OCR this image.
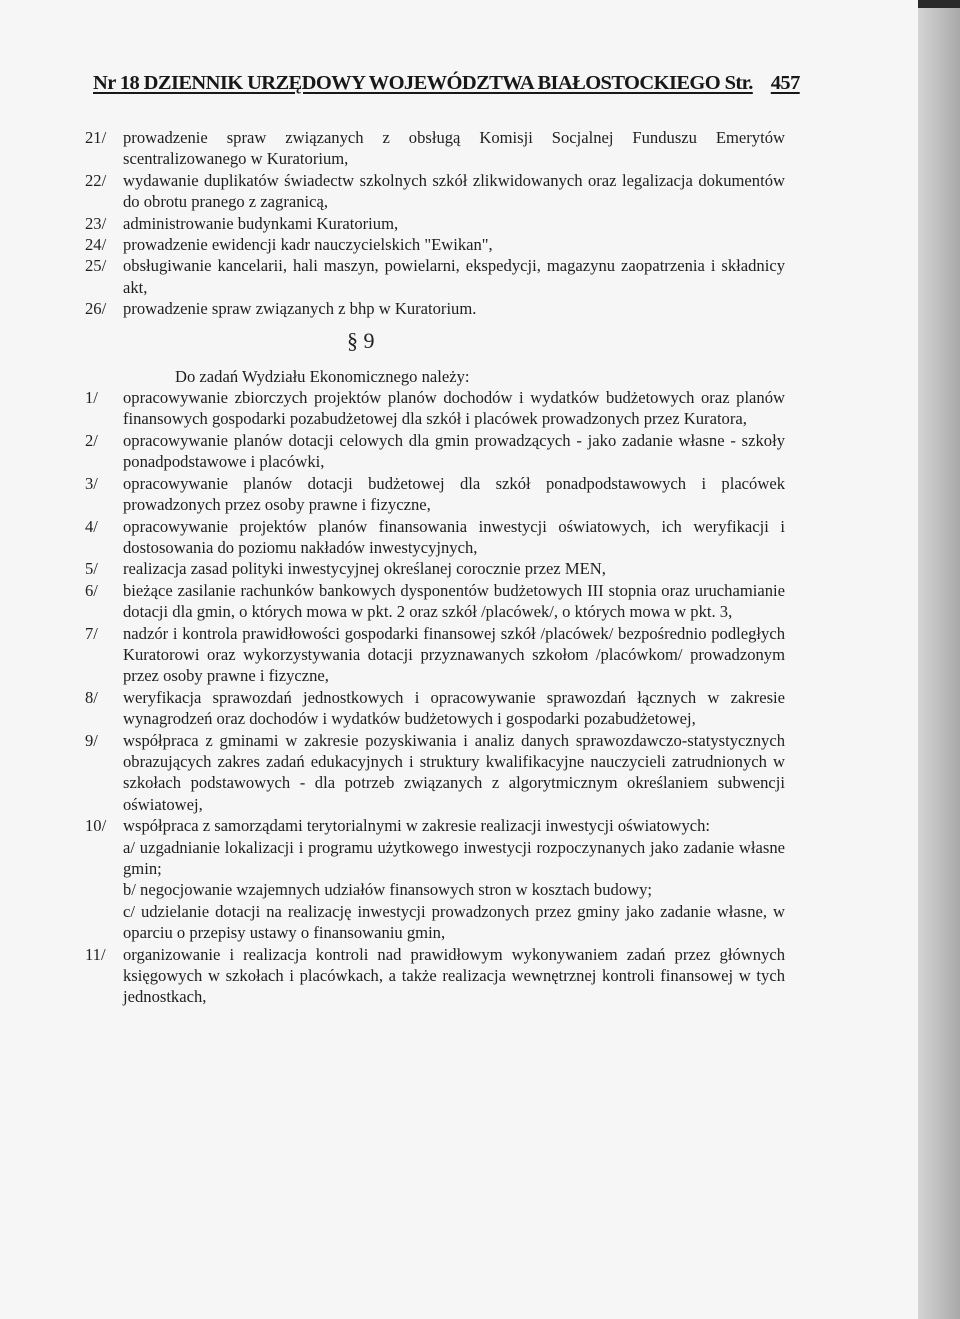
Nr 18 DZIENNIK URZĘDOWY WOJEWÓDZTWA BIAŁOSTOCKIEGO Str. 457
21/	prowadzenie spraw związanych z obsługą Komisji Socjalnej Funduszu Emerytów scentralizowanego w Kuratorium,
22/	wydawanie duplikatów świadectw szkolnych szkół zlikwidowanych oraz legalizacja dokumentów do obrotu pranego z zagranicą,
23/	administrowanie budynkami Kuratorium,
24/	prowadzenie ewidencji kadr nauczycielskich "Ewikan",
25/	obsługiwanie kancelarii, hali maszyn, powielarni, ekspedycji, magazynu zaopatrzenia i składnicy akt,
26/	prowadzenie spraw związanych z bhp w Kuratorium.
§ 9
Do zadań Wydziału Ekonomicznego należy:
1/	opracowywanie zbiorczych projektów planów dochodów i wydatków budżetowych oraz planów finansowych gospodarki pozabudżetowej dla szkół i placówek prowadzonych przez Kuratora,
2/	opracowywanie planów dotacji celowych dla gmin prowadzących - jako zadanie własne - szkoły ponadpodstawowe i placówki,
3/	opracowywanie planów dotacji budżetowej dla szkół ponadpodstawowych i placówek prowadzonych przez osoby prawne i fizyczne,
4/	opracowywanie projektów planów finansowania inwestycji oświatowych, ich weryfikacji i dostosowania do poziomu nakładów inwestycyjnych,
5/	realizacja zasad polityki inwestycyjnej określanej corocznie przez MEN,
6/	bieżące zasilanie rachunków bankowych dysponentów budżetowych III stopnia oraz uruchamianie dotacji dla gmin, o których mowa w pkt. 2 oraz szkół /placówek/, o których mowa w pkt. 3,
7/	nadzór i kontrola prawidłowości gospodarki finansowej szkół /placówek/ bezpośrednio podległych Kuratorowi oraz wykorzystywania dotacji przyznawanych szkołom /placówkom/ prowadzonym przez osoby prawne i fizyczne,
8/	weryfikacja sprawozdań jednostkowych i opracowywanie sprawozdań łącznych w zakresie wynagrodzeń oraz dochodów i wydatków budżetowych i gospodarki pozabudżetowej,
9/	współpraca z gminami w zakresie pozyskiwania i analiz danych sprawozdawczo-statystycznych obrazujących zakres zadań edukacyjnych i struktury kwalifikacyjne nauczycieli zatrudnionych w szkołach podstawowych - dla potrzeb związanych z algorytmicznym określaniem subwencji oświatowej,
10/	współpraca z samorządami terytorialnymi w zakresie realizacji inwestycji oświatowych:
a/ uzgadnianie lokalizacji i programu użytkowego inwestycji rozpoczynanych jako zadanie własne gmin;
b/ negocjowanie wzajemnych udziałów finansowych stron w kosztach budowy;
c/ udzielanie dotacji na realizację inwestycji prowadzonych przez gminy jako zadanie własne, w oparciu o przepisy ustawy o finansowaniu gmin,
11/	organizowanie i realizacja kontroli nad prawidłowym wykonywaniem zadań przez głównych księgowych w szkołach i placówkach, a także realizacja wewnętrznej kontroli finansowej w tych jednostkach,
